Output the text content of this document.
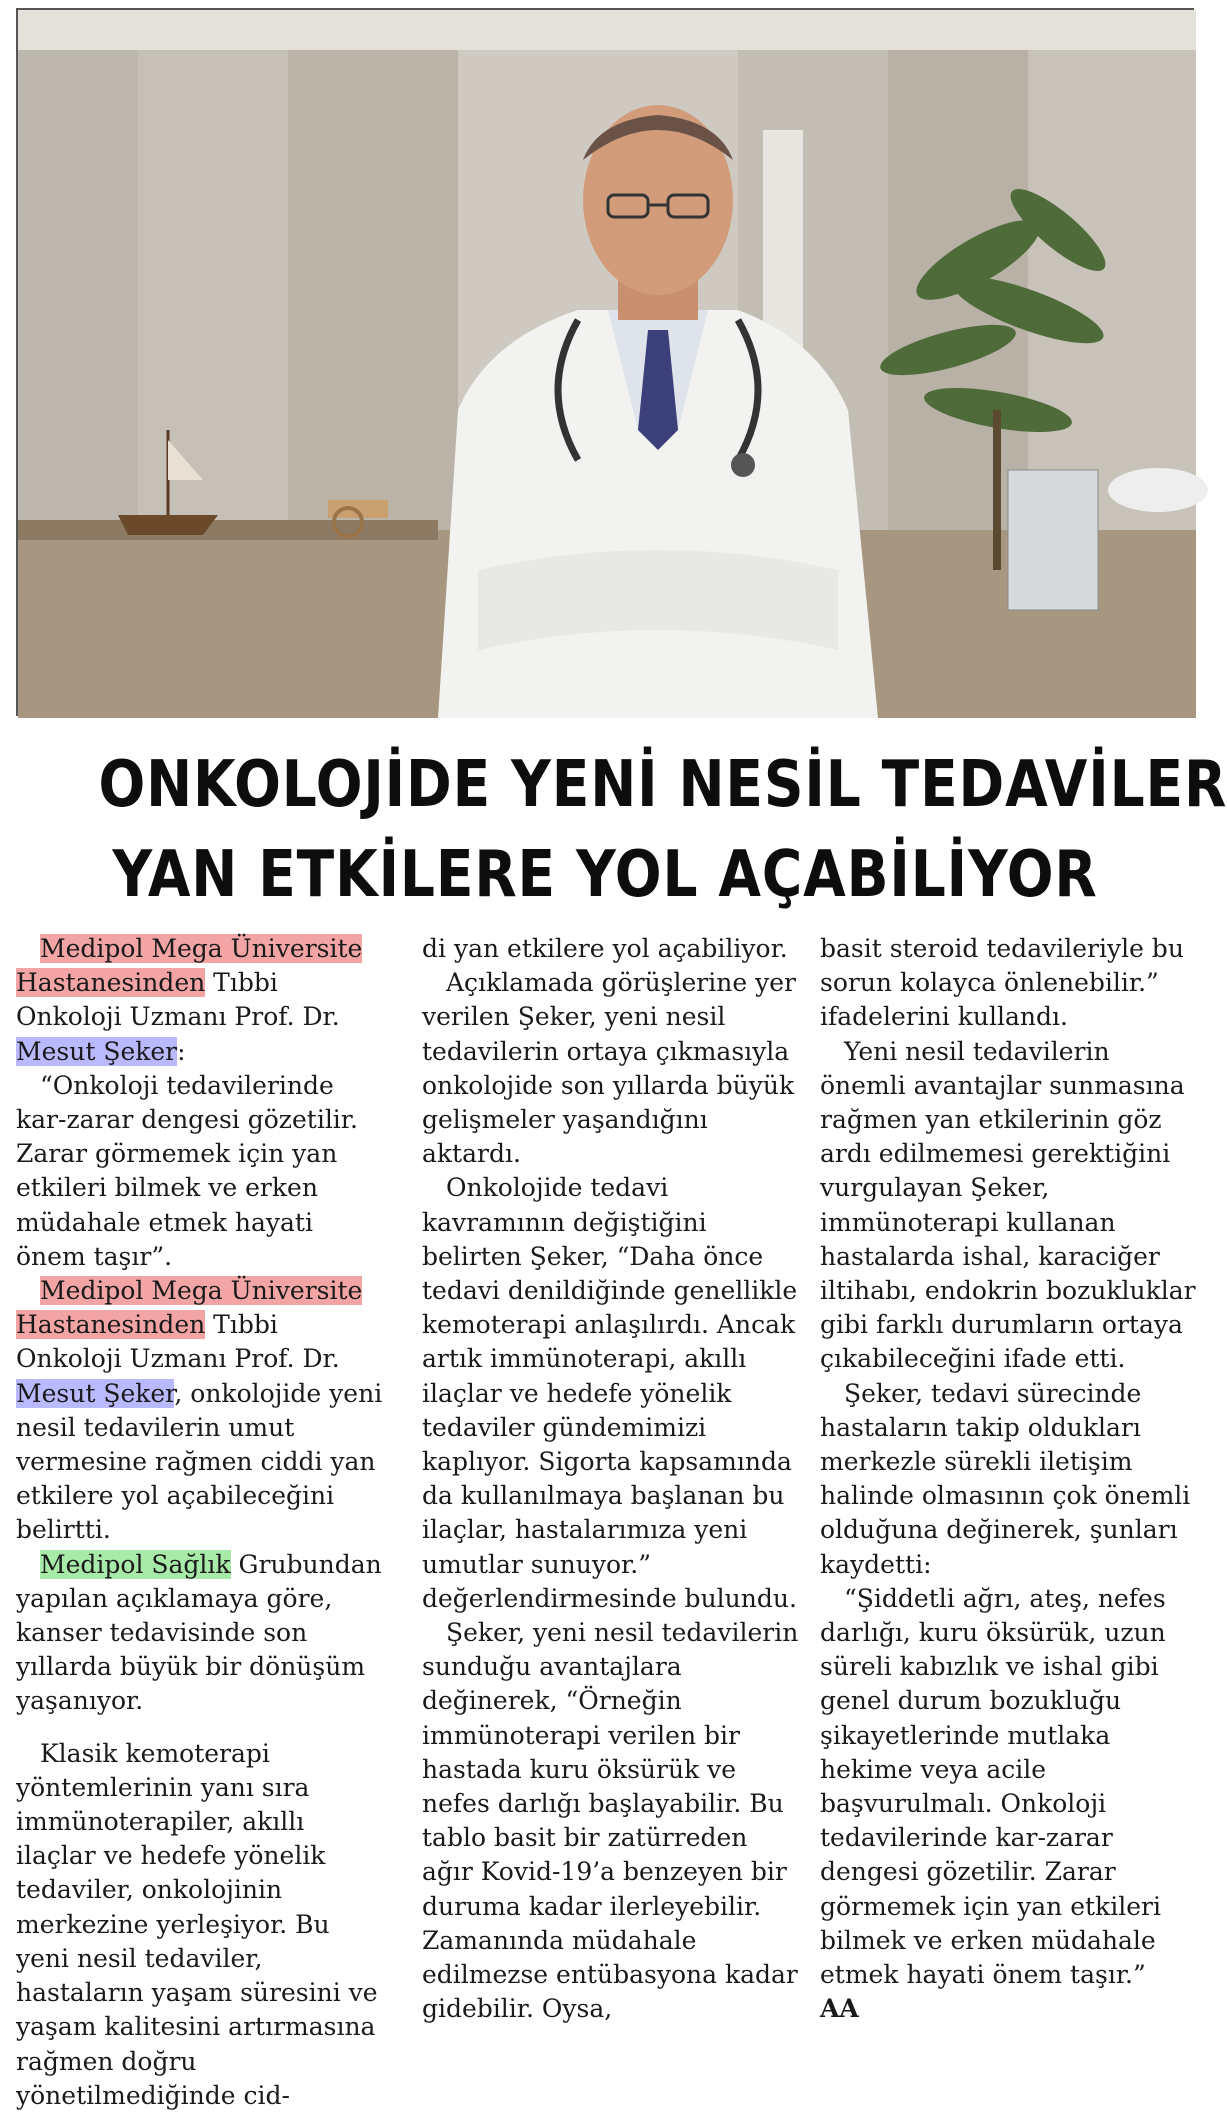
ONKOLOJİDE YENİ NESİL TEDAVİLER
YAN ETKİLERE YOL AÇABİLİYOR

Medipol Mega Üniversite Hastanesinden Tıbbi Onkoloji Uzmanı Prof. Dr. Mesut Şeker:

“Onkoloji tedavilerinde kar-zarar dengesi gözetilir. Zarar görmemek için yan etkileri bilmek ve erken müdahale etmek hayati önem taşır”.

Medipol Mega Üniversite Hastanesinden Tıbbi Onkoloji Uzmanı Prof. Dr. Mesut Şeker, onkolojide yeni nesil tedavilerin umut vermesine rağmen ciddi yan etkilere yol açabileceğini belirtti.

Medipol Sağlık Grubundan yapılan açıklamaya göre, kanser tedavisinde son yıllarda büyük bir dönüşüm yaşanıyor.

Klasik kemoterapi yöntemlerinin yanı sıra immünoterapiler, akıllı ilaçlar ve hedefe yönelik tedaviler, onkolojinin merkezine yerleşiyor. Bu yeni nesil tedaviler, hastaların yaşam süresini ve yaşam kalitesini artırmasına rağmen doğru yönetilmediğinde cid-

di yan etkilere yol açabiliyor.

Açıklamada görüşlerine yer verilen Şeker, yeni nesil tedavilerin ortaya çıkmasıyla onkolojide son yıllarda büyük gelişmeler yaşandığını aktardı.

Onkolojide tedavi kavramının değiştiğini belirten Şeker, “Daha önce tedavi denildiğinde genellikle kemoterapi anlaşılırdı. Ancak artık immünoterapi, akıllı ilaçlar ve hedefe yönelik tedaviler gündemimizi kaplıyor. Sigorta kapsamında da kullanılmaya başlanan bu ilaçlar, hastalarımıza yeni umutlar sunuyor.” değerlendirmesinde bulundu.

Şeker, yeni nesil tedavilerin sunduğu avantajlara değinerek, “Örneğin immünoterapi verilen bir hastada kuru öksürük ve nefes darlığı başlayabilir. Bu tablo basit bir zatürreden ağır Kovid-19’a benzeyen bir duruma kadar ilerleyebilir. Zamanında müdahale edilmezse entübasyona kadar gidebilir. Oysa,

basit steroid tedavileriyle bu sorun kolayca önlenebilir.” ifadelerini kullandı.

Yeni nesil tedavilerin önemli avantajlar sunmasına rağmen yan etkilerinin göz ardı edilmemesi gerektiğini vurgulayan Şeker, immünoterapi kullanan hastalarda ishal, karaciğer iltihabı, endokrin bozukluklar gibi farklı durumların ortaya çıkabileceğini ifade etti.

Şeker, tedavi sürecinde hastaların takip oldukları merkezle sürekli iletişim halinde olmasının çok önemli olduğuna değinerek, şunları kaydetti:

“Şiddetli ağrı, ateş, nefes darlığı, kuru öksürük, uzun süreli kabızlık ve ishal gibi genel durum bozukluğu şikayetlerinde mutlaka hekime veya acile başvurulmalı. Onkoloji tedavilerinde kar-zarar dengesi gözetilir. Zarar görmemek için yan etkileri bilmek ve erken müdahale etmek hayati önem taşır.”

AA
